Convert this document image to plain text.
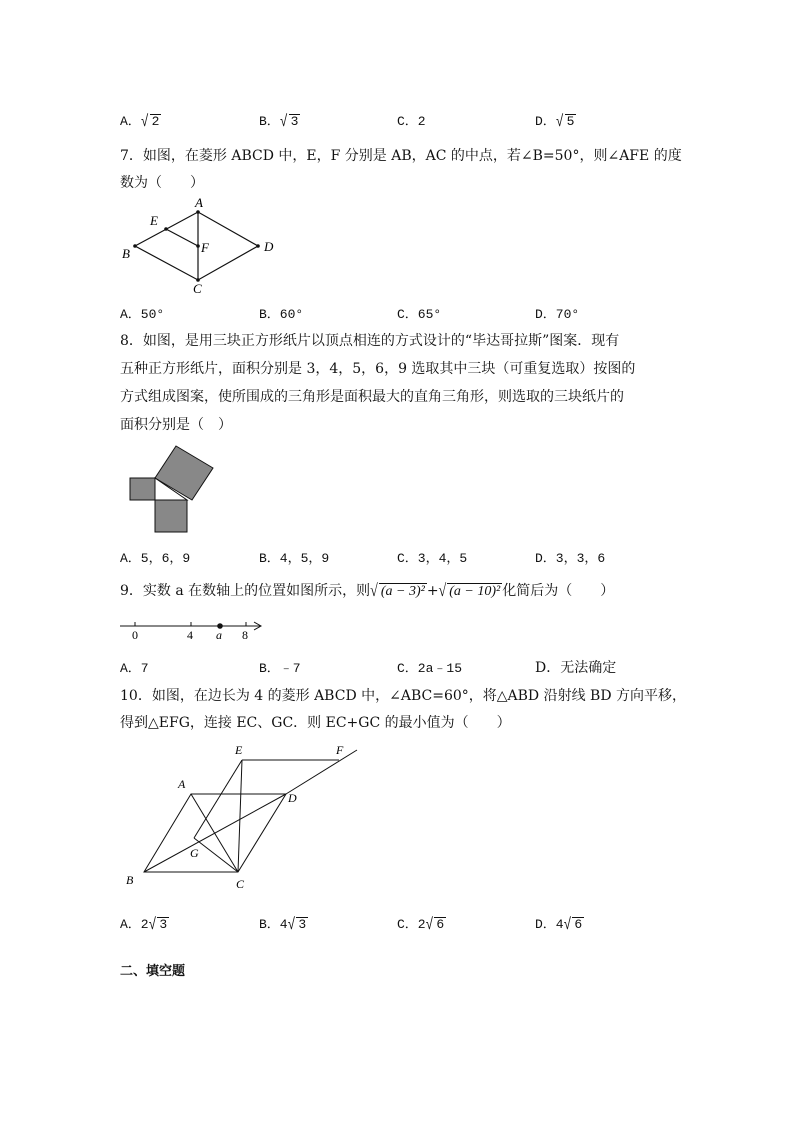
A．√ 2	B．√ 3	C．2	D．√ 5
7．如图，在菱形 ABCD 中，E，F 分别是 AB，AC 的中点，若∠B=50°，则∠AFE 的度
数为（　　）
A
B
C
D
E
F
A．50°	B．60°	C．65°	D．70°
8．如图，是用三块正方形纸片以顶点相连的方式设计的“毕达哥拉斯”图案．现有
五种正方形纸片，面积分别是 3，4，5，6，9 选取其中三块（可重复选取）按图的
方式组成图案，使所围成的三角形是面积最大的直角三角形，则选取的三块纸片的
面积分别是（　）
A．5，6，9	B．4，5，9	C．3，4，5	D．3，3，6
9．实数 a 在数轴上的位置如图所示，则√ (a − 3)² +√ (a − 10)² 化简后为（　　）
0	4 a 8
A．7	B．﹣7	C．2a﹣15	D．无法确定
10．如图，在边长为 4 的菱形 ABCD 中，∠ABC=60°，将△ABD 沿射线 BD 方向平移，
得到△EFG，连接 EC、GC．则 EC+GC 的最小值为（　　）
A
B	C
D
E	F
G
A．2√ 3	B．4√ 3	C．2√ 6	D．4√ 6
二、填空题
